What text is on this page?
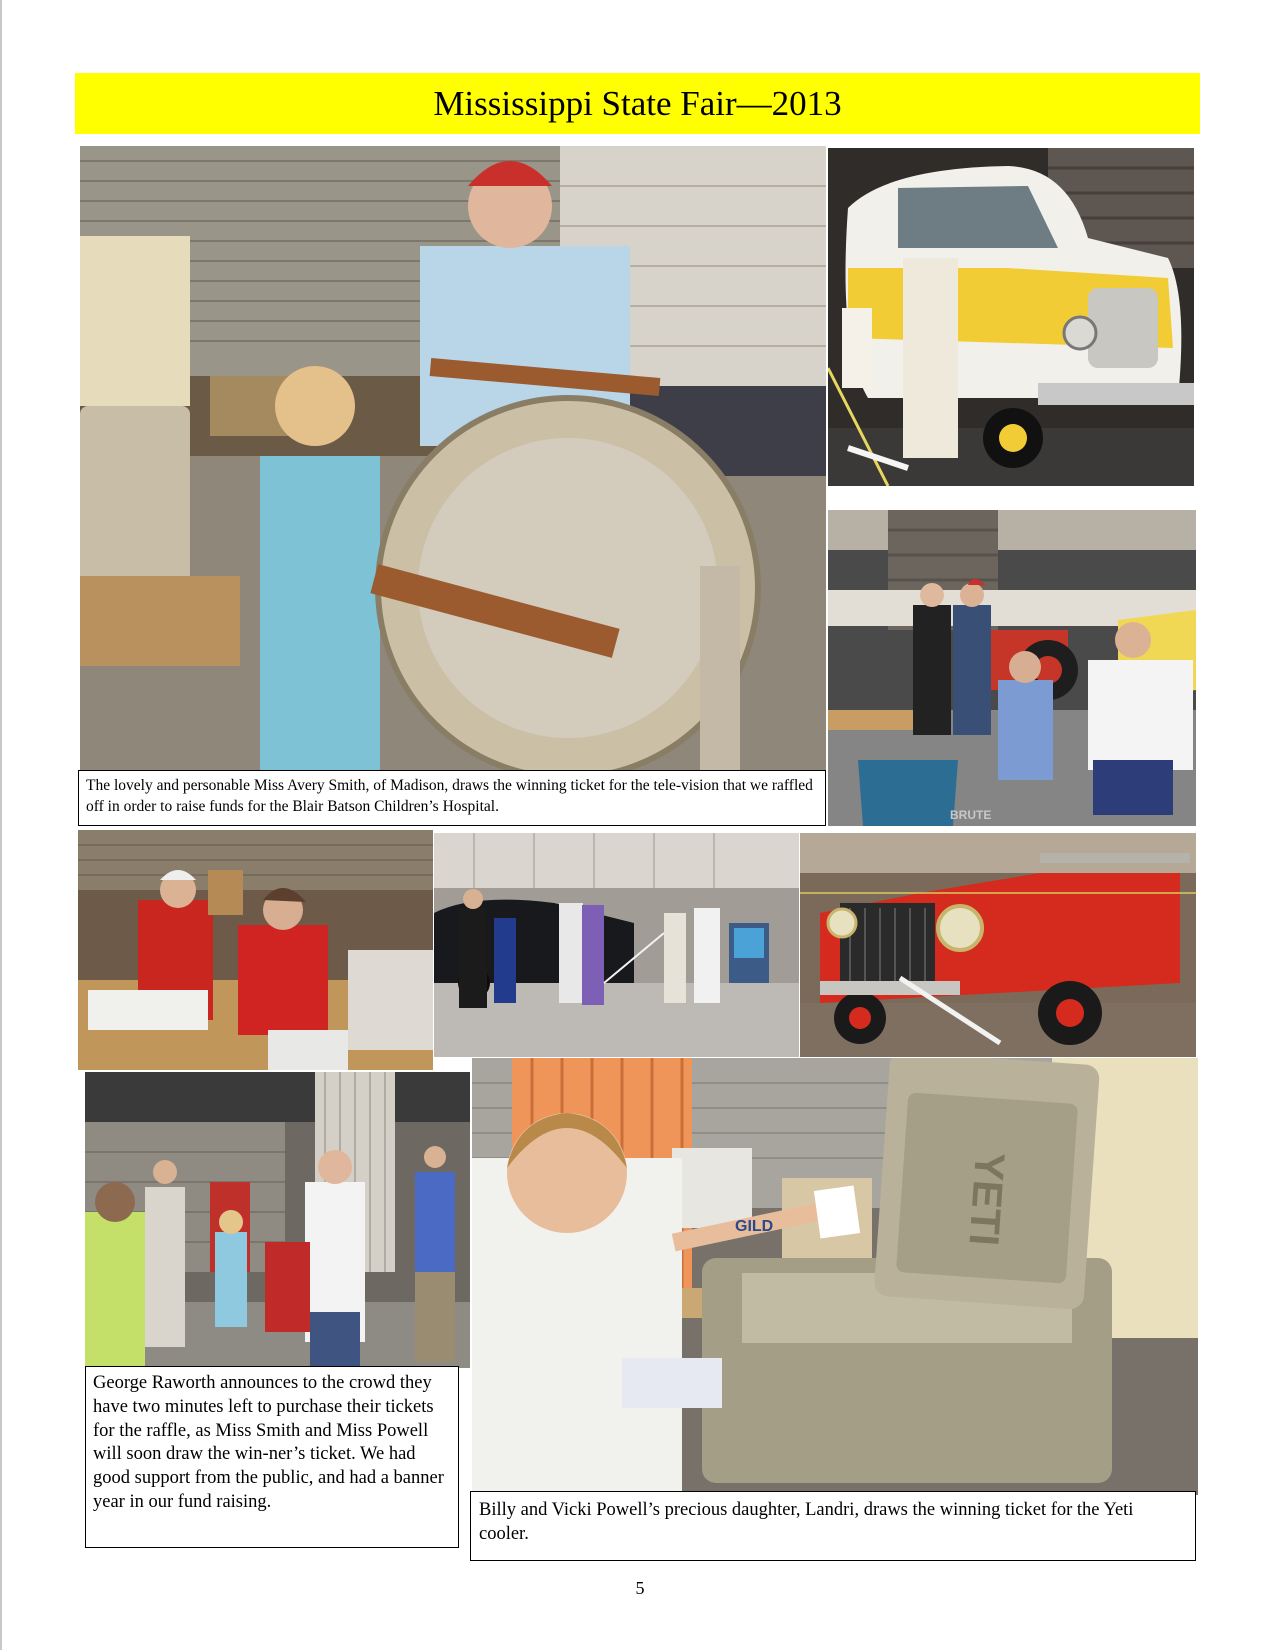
Mississippi State Fair—2013
YETI
BRUTE
GILD
The lovely and personable Miss Avery Smith, of Madison, draws the winning ticket for the tele-vision that we raffled off in order to raise funds for the Blair Batson Children’s Hospital.
George Raworth announces to the crowd they have two minutes left to purchase their tickets for the raffle, as Miss Smith and Miss Powell will soon draw the win-ner’s ticket. We had good support from the public, and had a banner year in our fund raising.	Billy and Vicki Powell’s precious daughter, Landri, draws the winning ticket for the Yeti cooler.
5
